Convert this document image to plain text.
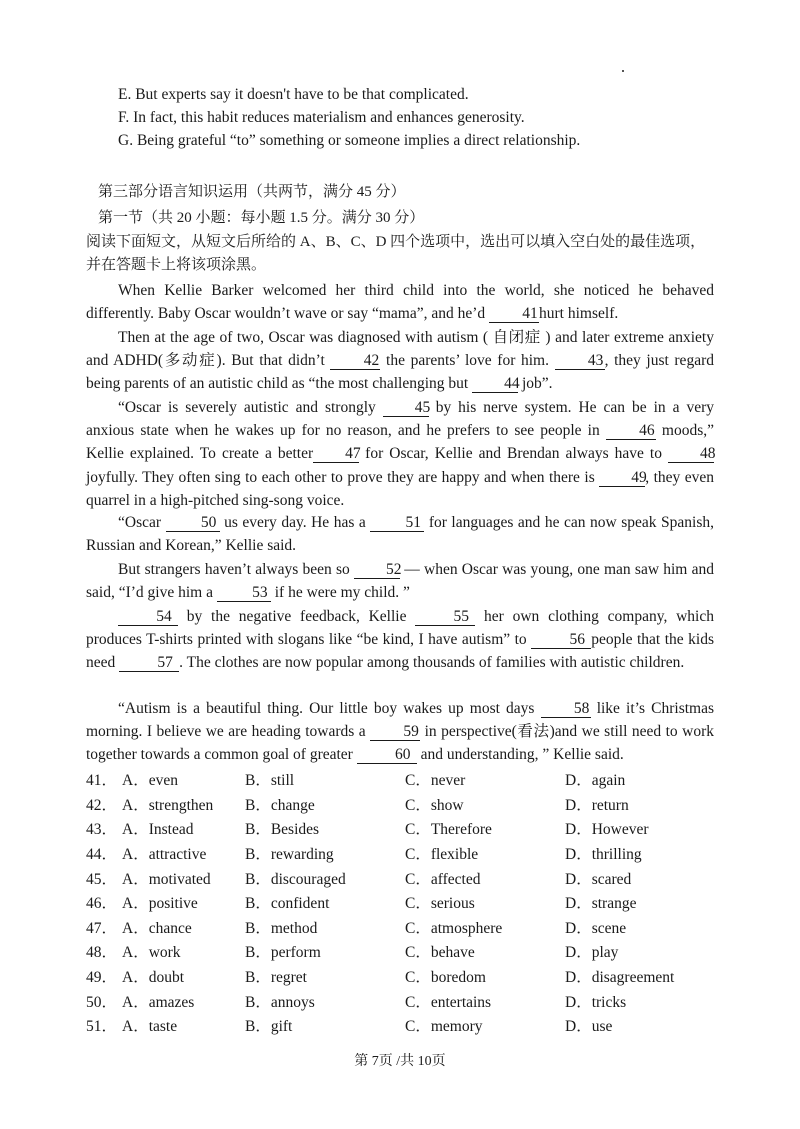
E. But experts say it doesn't have to be that complicated.
F. In fact, this habit reduces materialism and enhances generosity.
G. Being grateful “to” something or someone implies a direct relationship.
第三部分语言知识运用（共两节，满分 45 分）
第一节（共 20 小题：每小题 1.5 分。满分 30 分）
阅读下面短文，从短文后所给的 A、B、C、D 四个选项中，选出可以填入空白处的最佳选项，并在答题卡上将该项涂黑。

When Kellie Barker welcomed her third child into the world, she noticed he behaved differently. Baby Oscar wouldn’t wave or say “mama”, and he’d 41hurt himself.

Then at the age of two, Oscar was diagnosed with autism ( 自闭症 ) and later extreme anxiety and ADHD(多动症). But that didn’t 42 the parents’ love for him. 43, they just regard being parents of an autistic child as “the most challenging but 44 job”.

“Oscar is severely autistic and strongly 45 by his nerve system. He can be in a very anxious state when he wakes up for no reason, and he prefers to see people in 46 moods,” Kellie explained. To create a better 47 for Oscar, Kellie and Brendan always have to 48 joyfully. They often sing to each other to prove they are happy and when there is 49, they even quarrel in a high-pitched sing-song voice.

“Oscar 50 us every day. He has a 51 for languages and he can now speak Spanish, Russian and Korean,” Kellie said.

But strangers haven’t always been so 52 — when Oscar was young, one man saw him and said, “I’d give him a 53 if he were my child. ”

54 by the negative feedback, Kellie 55 her own clothing company, which produces T-shirts printed with slogans like “be kind, I have autism” to 56 people that the kids need 57 . The clothes are now popular among thousands of families with autistic children.

“Autism is a beautiful thing. Our little boy wakes up most days 58 like it’s Christmas morning. I believe we are heading towards a 59 in perspective(看法)and we still need to work together towards a common goal of greater 60 and understanding, ” Kellie said.

41．	A．even	B．still	C．never	D．again
42．	A．strengthen	B．change	C．show	D．return
43．	A．Instead	B．Besides	C．Therefore	D．However
44．	A．attractive	B．rewarding	C．flexible	D．thrilling
45．	A．motivated	B．discouraged	C．affected	D．scared
46．	A．positive	B．confident	C．serious	D．strange
47．	A．chance	B．method	C．atmosphere	D．scene
48．	A．work	B．perform	C．behave	D．play
49．	A．doubt	B．regret	C．boredom	D．disagreement
50．	A．amazes	B．annoys	C．entertains	D．tricks
51．	A．taste	B．gift	C．memory	D．use
第 7页 /共 10页
